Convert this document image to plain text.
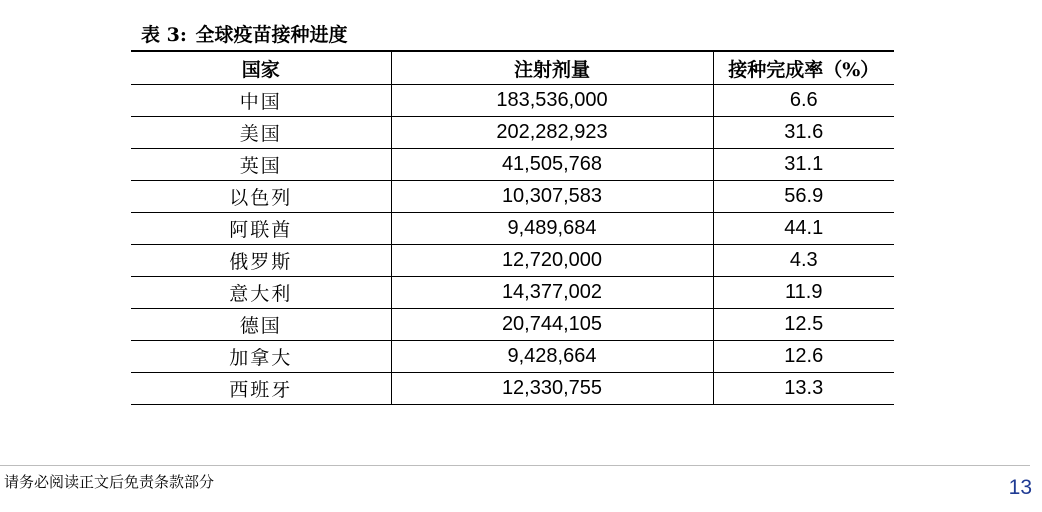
表 3: 全球疫苗接种进度
国家	注射剂量	接种完成率（%）
中国	183,536,000	6.6
美国	202,282,923	31.6
英国	41,505,768	31.1
以色列	10,307,583	56.9
阿联酋	9,489,684	44.1
俄罗斯	12,720,000	4.3
意大利	14,377,002	11.9
德国	20,744,105	12.5
加拿大	9,428,664	12.6
西班牙	12,330,755	13.3
请务必阅读正文后免责条款部分	13
